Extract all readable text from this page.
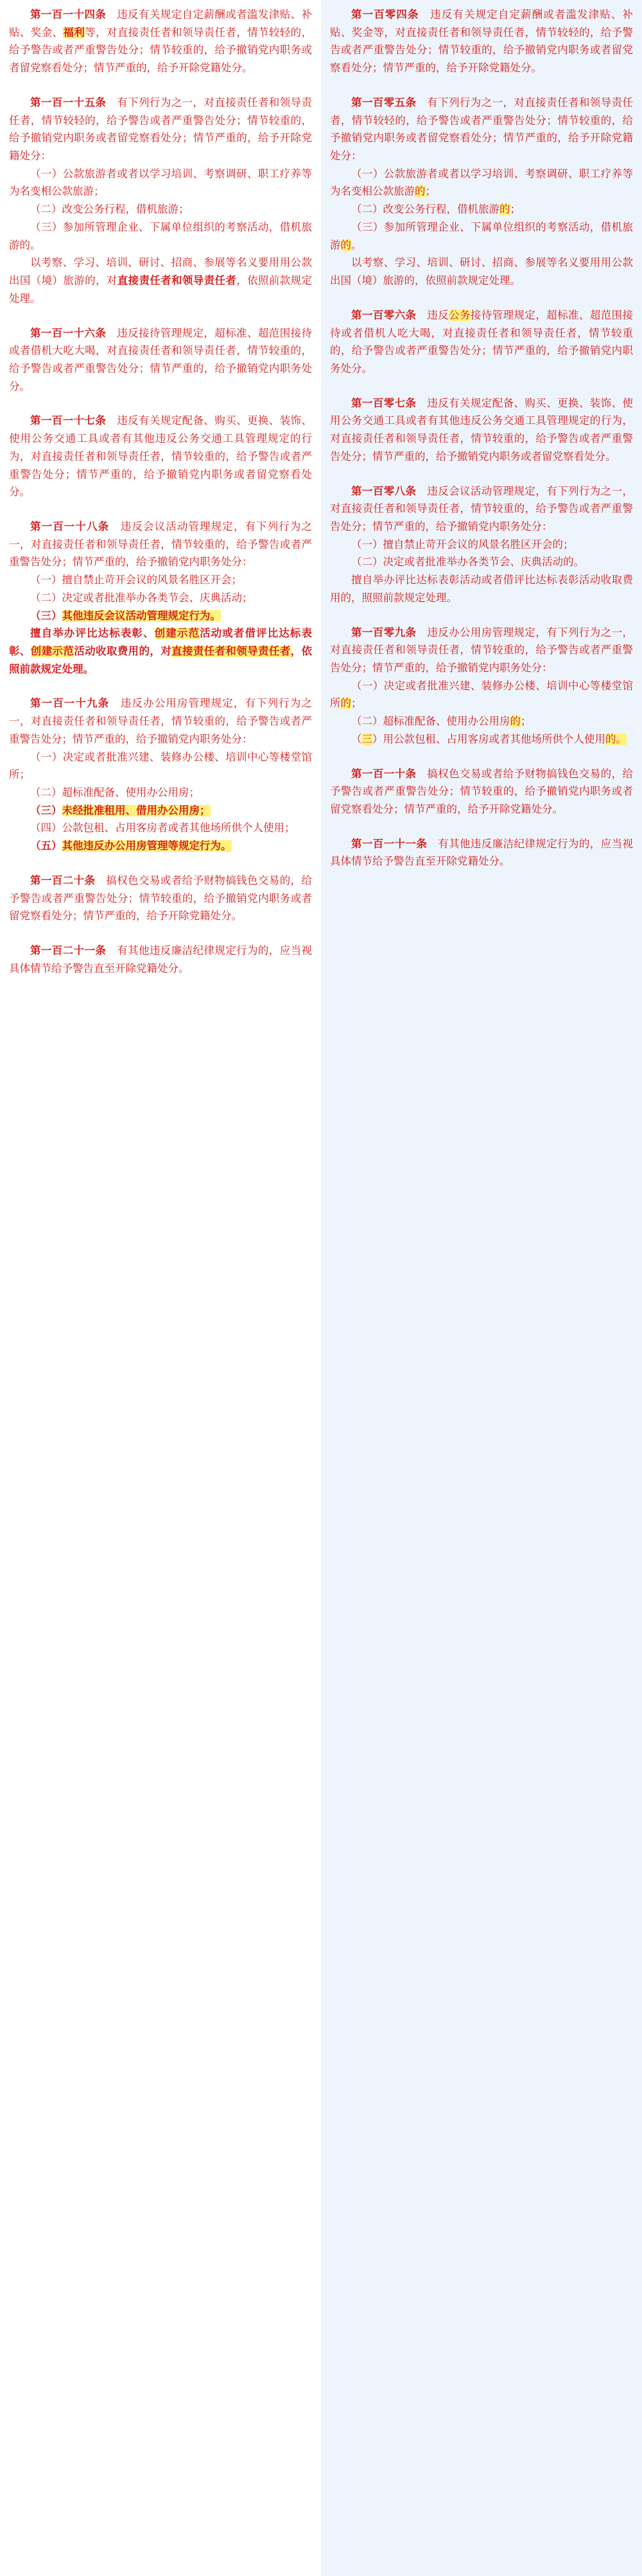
第一百一十四条　违反有关规定自定薪酬或者滥发津贴、补贴、奖金、福利等，对直接责任者和领导责任者，情节较轻的，给予警告或者严重警告处分；情节较重的，给予撤销党内职务或者留党察看处分；情节严重的，给予开除党籍处分。

第一百一十五条　有下列行为之一，对直接责任者和领导责任者，情节较轻的，给予警告或者严重警告处分；情节较重的，给予撤销党内职务或者留党察看处分；情节严重的，给予开除党籍处分：

（一）公款旅游者或者以学习培训、考察调研、职工疗养等为名变相公款旅游；

（二）改变公务行程，借机旅游；

（三）参加所管理企业、下属单位组织的考察活动，借机旅游的。

以考察、学习、培训、研讨、招商、参展等名义要用用公款出国（境）旅游的，对直接责任者和领导责任者，依照前款规定处理。

第一百一十六条　违反接待管理规定，超标准、超范围接待或者借机大吃大喝，对直接责任者和领导责任者，情节较重的，给予警告或者严重警告处分；情节严重的，给予撤销党内职务处分。

第一百一十七条　违反有关规定配备、购买、更换、装饰、使用公务交通工具或者有其他违反公务交通工具管理规定的行为，对直接责任者和领导责任者，情节较重的，给予警告或者严重警告处分；情节严重的，给予撤销党内职务或者留党察看处分。

第一百一十八条　违反会议活动管理规定，有下列行为之一，对直接责任者和领导责任者，情节较重的，给予警告或者严重警告处分；情节严重的，给予撤销党内职务处分：

（一）擅自禁止苛开会议的风景名胜区开会；

（二）决定或者批准举办各类节会、庆典活动；

（三）其他违反会议活动管理规定行为。

擅自举办评比达标表彰、创建示范活动或者借评比达标表彰、创建示范活动收取费用的，对直接责任者和领导责任者，依照前款规定处理。

第一百一十九条　违反办公用房管理规定，有下列行为之一，对直接责任者和领导责任者，情节较重的，给予警告或者严重警告处分；情节严重的，给予撤销党内职务处分：

（一）决定或者批准兴建、装修办公楼、培训中心等楼堂馆所；

（二）超标准配备、使用办公用房；

（三）未经批准租用、借用办公用房；

（四）公款包租、占用客房者或者其他场所供个人使用；

（五）其他违反办公用房管理等规定行为。

第一百二十条　搞权色交易或者给予财物搞钱色交易的，给予警告或者严重警告处分；情节较重的，给予撤销党内职务或者留党察看处分；情节严重的，给予开除党籍处分。

第一百二十一条　有其他违反廉洁纪律规定行为的，应当视具体情节给予警告直至开除党籍处分。

第一百零四条　违反有关规定自定薪酬或者滥发津贴、补贴、奖金等，对直接责任者和领导责任者，情节较轻的，给予警告或者严重警告处分；情节较重的，给予撤销党内职务或者留党察看处分；情节严重的，给予开除党籍处分。

第一百零五条　有下列行为之一，对直接责任者和领导责任者，情节较轻的，给予警告或者严重警告处分；情节较重的，给予撤销党内职务或者留党察看处分；情节严重的，给予开除党籍处分：

（一）公款旅游者或者以学习培训、考察调研、职工疗养等为名变相公款旅游的；

（二）改变公务行程，借机旅游的；

（三）参加所管理企业、下属单位组织的考察活动，借机旅游的。

以考察、学习、培训、研讨、招商、参展等名义要用用公款出国（境）旅游的，依照前款规定处理。

第一百零六条　违反公务接待管理规定，超标准、超范围接待或者借机人吃大喝，对直接责任者和领导责任者，情节较重的，给予警告或者严重警告处分；情节严重的，给予撤销党内职务处分。

第一百零七条　违反有关规定配备、购买、更换、装饰、使用公务交通工具或者有其他违反公务交通工具管理规定的行为，对直接责任者和领导责任者，情节较重的，给予警告或者严重警告处分；情节严重的，给予撤销党内职务或者留党察看处分。

第一百零八条　违反会议活动管理规定，有下列行为之一，对直接责任者和领导责任者，情节较重的，给予警告或者严重警告处分；情节严重的，给予撤销党内职务处分：

（一）擅自禁止苛开会议的风景名胜区开会的；

（二）决定或者批准举办各类节会、庆典活动的。

擅自举办评比达标表彰活动或者借评比达标表彰活动收取费用的，照照前款规定处理。

第一百零九条　违反办公用房管理规定，有下列行为之一，对直接责任者和领导责任者，情节较重的，给予警告或者严重警告处分；情节严重的，给予撤销党内职务处分：

（一）决定或者批准兴建、装修办公楼、培训中心等楼堂馆所的；

（二）超标准配备、使用办公用房的；

（三）用公款包租、占用客房或者其他场所供个人使用的。

第一百一十条　搞权色交易或者给予财物搞钱色交易的，给予警告或者严重警告处分；情节较重的，给予撤销党内职务或者留党察看处分；情节严重的，给予开除党籍处分。

第一百一十一条　有其他违反廉洁纪律规定行为的，应当视具体情节给予警告直至开除党籍处分。
